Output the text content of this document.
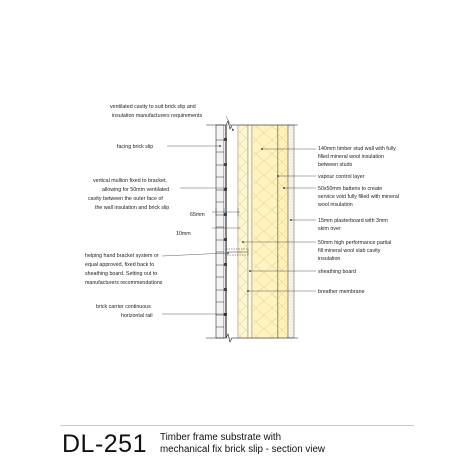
65mm
10mm
ventilated cavity to suit brick slip and
insulation manufacturers requirements
facing brick slip
vertical mullion fixed to bracket,
allowing for 50mm ventilated
cavity between the outer face of
the wall insulation and brick slip
helping hand bracket system or
equal approved, fixed back to
sheathing board. Setting out to
manufacturers recommendations
brick carrier continuous
horizontal rail
140mm timber stud wall with fully
filled mineral wool insulation
between studs
vapour control layer
50x50mm battens to create
service void fully filled with mineral
wool insulation
15mm plasterboard with 3mm
skim over
50mm high performance partial
fill mineral wool slab cavity
insulation
sheathing board
breather membrane

DL-251 Timber frame substrate with
mechanical fix brick slip - section view
